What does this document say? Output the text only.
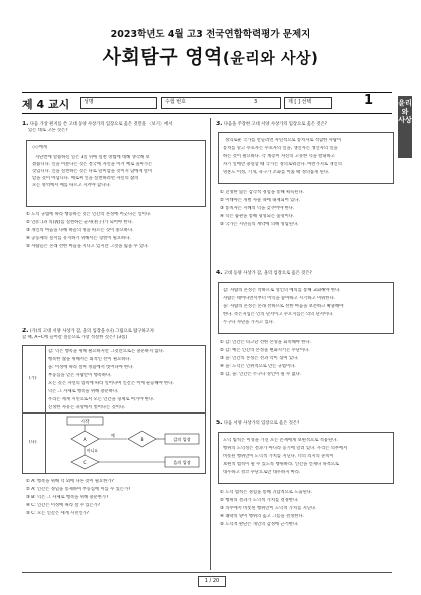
2023학년도 4월 고3 전국연합학력평가 문제지
사회탐구 영역(윤리와 사상)
제 4 교시	성명	수험 번호	3	제 [ ] 선택	1	윤리와 사상
1. 다음 가상 편지를 쓴 고대 동양 사상가의 입장으로 옳은 것만을 〈보기〉에서
있는 대로 고른 것은?
◇◇에게
지난번에 말씀하신 일은 3일 뒤에 실천 방법에 대해 생각해 보
겠습니다. 인을 이룬다는 것은 결국에 자신을 이겨 예로 돌아가는
것입니다. 인을 실천하는 것은 나로 말미암을 것이지 남에게 말미
암을 것이 아닙니다. 예로써 인을 실천하려면 자신의 삶의
모든 영역에서 예를 따르고 지켜야 합니다.
① 도덕 규범에 따라 행동하는 것은 인간의 본성에 어긋나는 일이다.
② 인(仁)과 의(義)를 실천하는 군자(君子)가 되어야 한다.
③ 개인의 마음을 다해 하늘의 명을 따르는 것이 중요하다.
④ 공동체의 질서를 유지하기 위해서는 형벌이 필요하다.
⑤ 사람들은 본래 선한 마음을 지니고 있지만 그것을 잃을 수 있다.
2. (가)의 고대 서양 사상가 갑, 을의 입장을 (나) 그림으로 탐구하고자
할 때, A~C에 들어갈 질문으로 가장 적절한 것은? [3점]
(가)
갑: 덕은 행복을 위해 필요하지만 그것만으로는 충분하지 않다.
행복한 삶을 위해서는 외적인 선이 필요하다.
을: 이성에 따라 살며 정념에서 벗어나야 한다.
부동심을 얻은 사람만이 행복하다.
모든 것은 자연의 법칙에 따라 일어나며 인간은 이에 순응해야 한다.
덕은 그 자체로 행복을 위해 충분하다.
우리는 세계 시민으로서 모든 인간을 형제로 여겨야 한다.
진정한 자유는 욕망에서 벗어나는 것이다.
(나)
시작
A
예
B
아니요
C
갑의 입장
을의 입장
① A: 행복을 위해 덕 외에 다른 것이 필요한가?
② A: 인간은 정념을 통제하여 부동심에 이를 수 있는가?
③ B: 덕은 그 자체로 행복을 위해 충분한가?
④ C: 인간은 이성에 따라 살 수 있는가?
⑤ C: 모든 인간은 세계 시민인가?
3. 다음을 주장한 고대 서양 사상가의 입장으로 옳은 것은?
정의로운 국가를 만들려면 자연적으로 통치자로 적합한 사람이
통치를 맡고 수호자는 수호자의 일을, 생산자는 생산자의 일을
하는 것이 필요하다. 각 계층이 자신의 고유한 덕을 발휘하고
자기 일에만 충실할 때 국가는 정의로워진다. 마찬가지로 개인의
영혼도 이성, 기개, 욕구가 조화를 이룰 때 정의롭게 된다.
① 진정한 앎은 감각적 경험을 통해 획득된다.
② 이데아는 개별 사물 속에 내재되어 있다.
③ 통치자는 지혜의 덕을 갖추어야 한다.
④ 덕은 습관을 통해 형성되는 품성이다.
⑤ 국가는 시민들의 계약에 의해 성립된다.
4. 고대 동양 사상가 갑, 을의 입장으로 옳은 것은?
갑: 사람의 본성은 악하므로 성인의 예의를 통해 교화해야 한다.
사람은 태어나면서부터 이익을 좋아하고 시기하고 미워한다.
을: 사람의 본성은 본래 선하므로 선한 마음을 보존하고 확충해야
한다. 측은지심은 인의 단서이고 수오지심은 의의 단서이다.
누구나 사단을 가지고 있다.
① 갑: 인간은 타고난 선한 본성을 회복해야 한다.
② 갑: 예는 인간의 본성을 변화시키는 수단이다.
③ 을: 인간의 본성은 선과 악이 섞여 있다.
④ 을: 도덕은 인위적으로 만든 규범이다.
⑤ 갑, 을: 인간은 누구나 성인이 될 수 없다.
5. 다음 서양 사상가의 입장으로 옳은 것은?
도덕 법칙은 이성을 가진 모든 존재에게 보편적으로 적용된다.
행위의 도덕성은 결과가 아니라 동기에 달려 있다. 우리는 의무에서
비롯된 행위만이 도덕적 가치를 지닌다. 너의 의지의 준칙이
보편적 법칙이 될 수 있도록 행위하라. 인간을 언제나 목적으로
대우하고 결코 수단으로만 대우하지 마라.
① 도덕 법칙은 경험을 통해 귀납적으로 도출된다.
② 행위의 결과가 도덕적 가치를 결정한다.
③ 의무에서 비롯된 행위만이 도덕적 가치를 지닌다.
④ 쾌락의 양이 행위의 옳고 그름을 결정한다.
⑤ 도덕적 판단은 개인의 감정에 근거한다.
1 / 20
